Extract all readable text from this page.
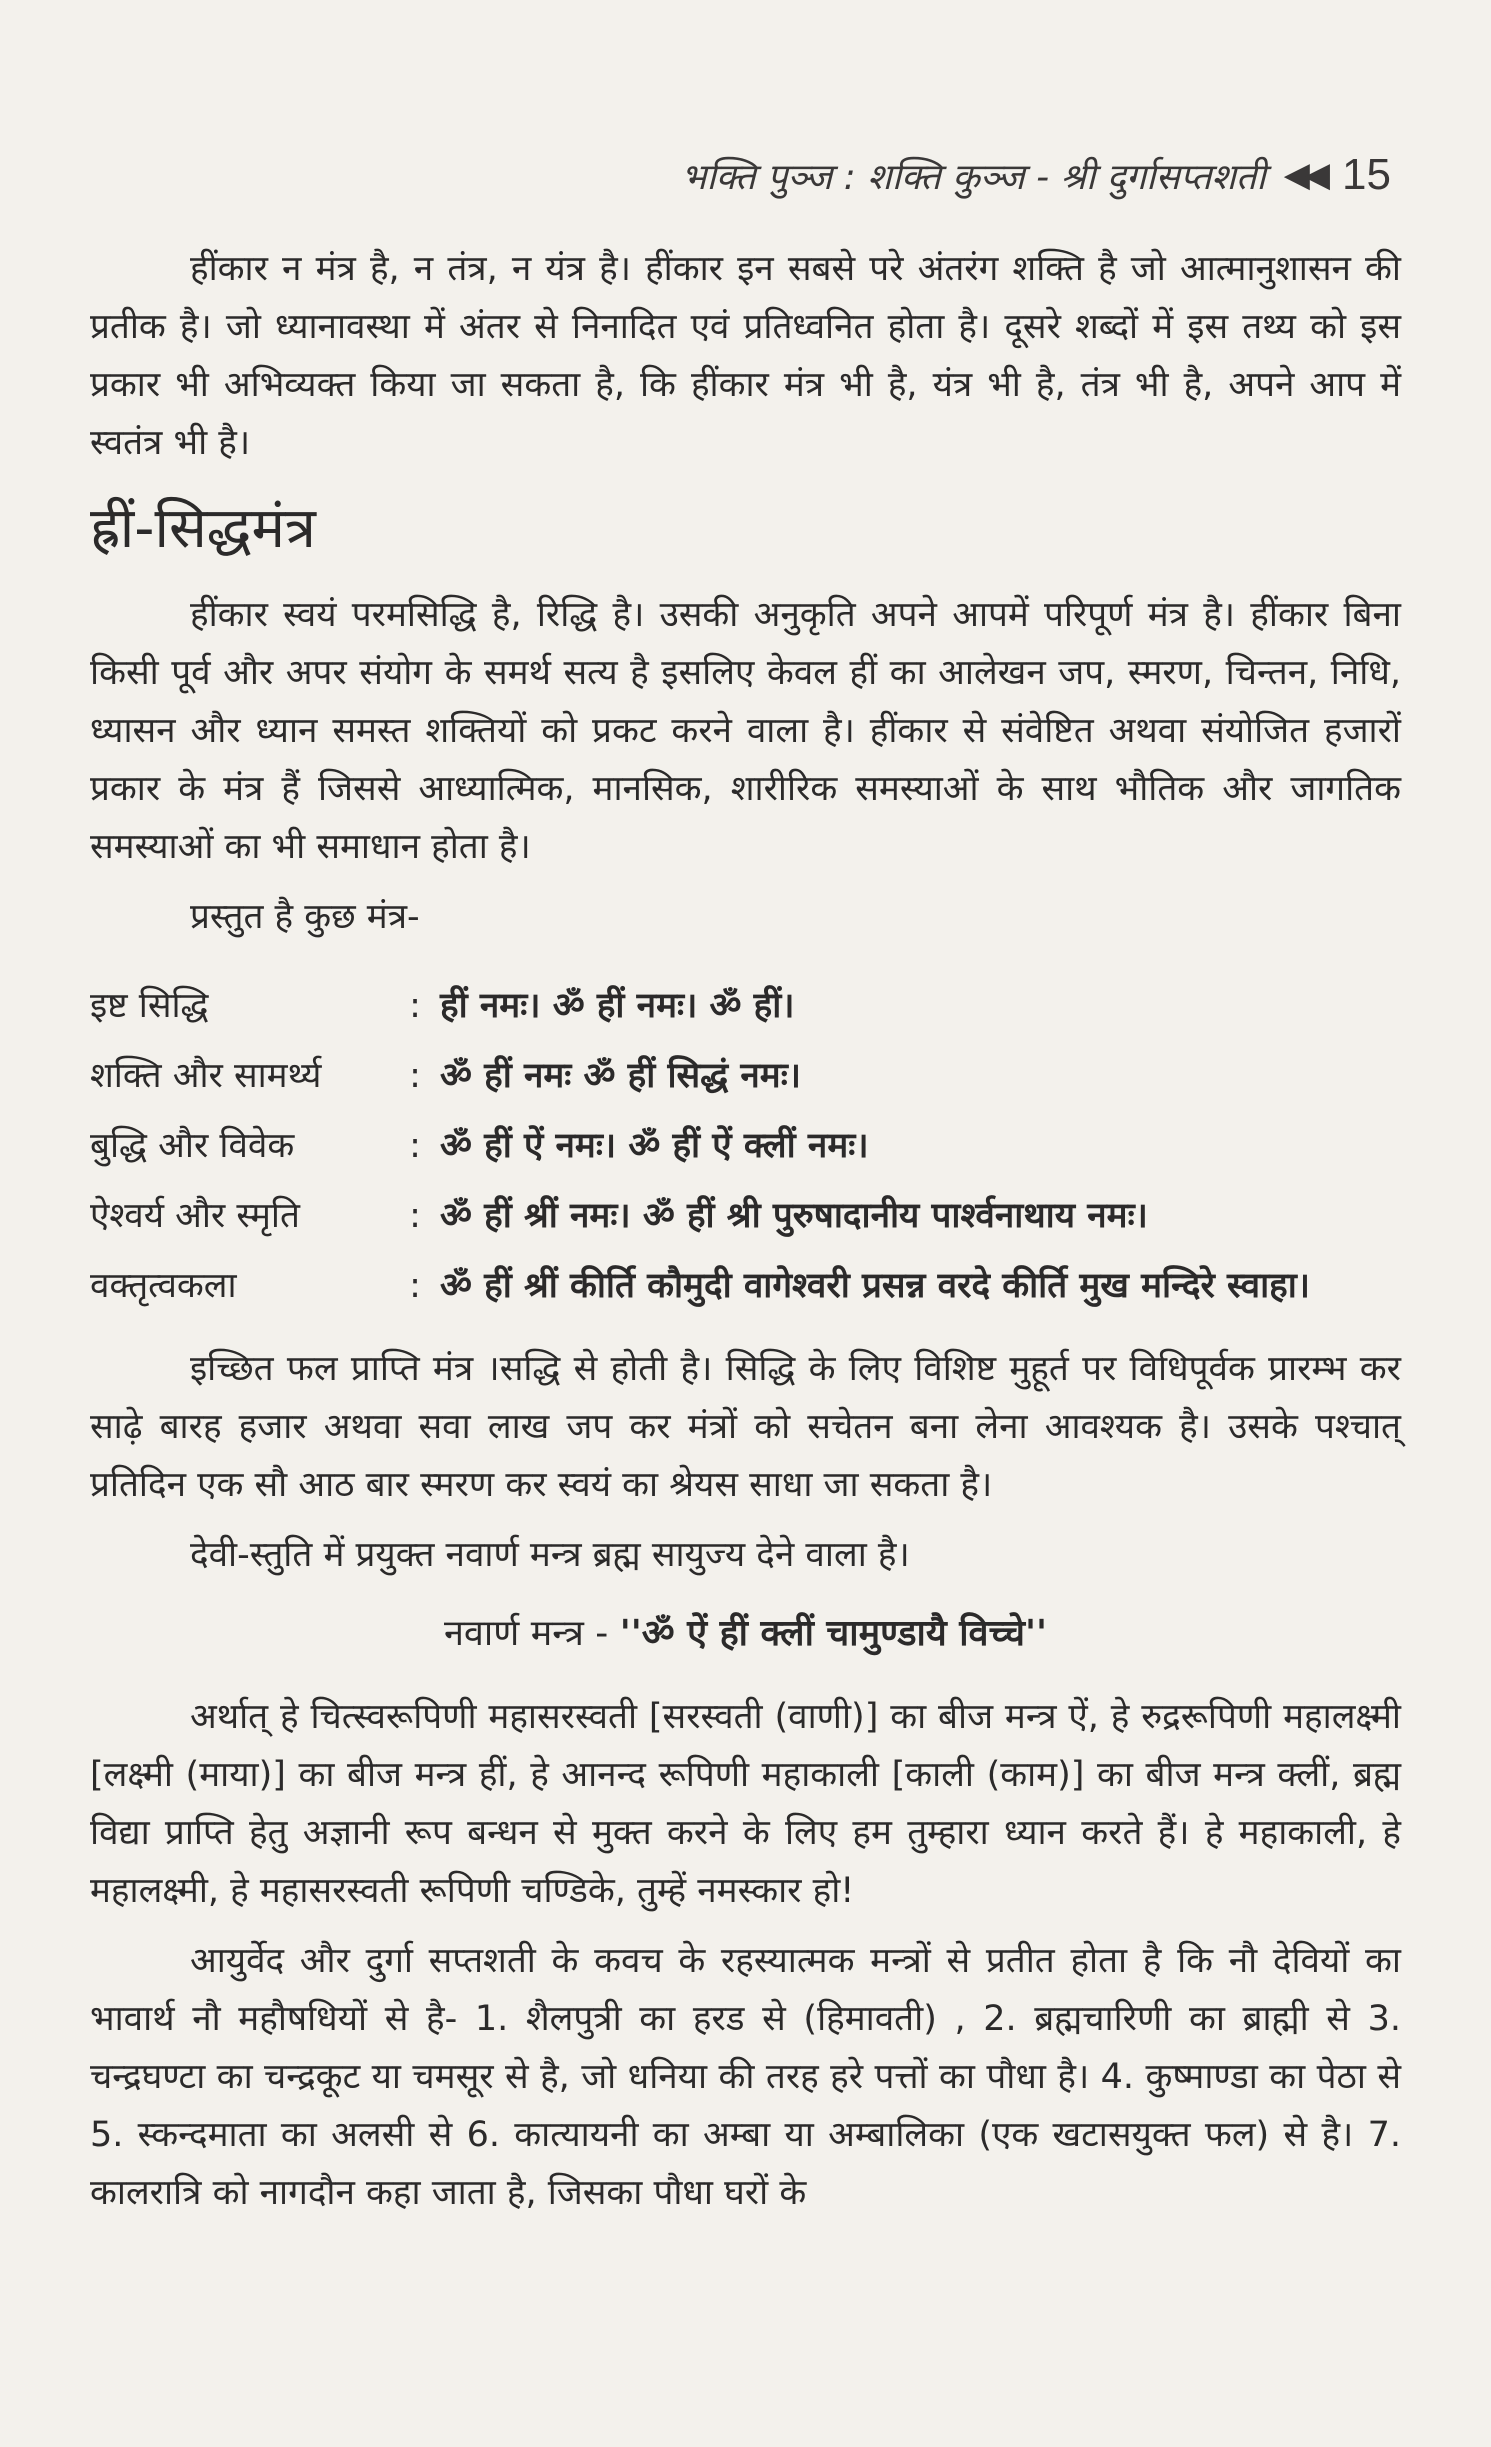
भक्ति पुञ्ज : शक्ति कुञ्ज - श्री दुर्गासप्तशती ◀◀ 15

हींकार न मंत्र है, न तंत्र, न यंत्र है। हींकार इन सबसे परे अंतरंग शक्ति है जो आत्मानुशासन की प्रतीक है। जो ध्यानावस्था में अंतर से निनादित एवं प्रतिध्वनित होता है। दूसरे शब्दों में इस तथ्य को इस प्रकार भी अभिव्यक्त किया जा सकता है, कि हींकार मंत्र भी है, यंत्र भी है, तंत्र भी है, अपने आप में स्वतंत्र भी है।

ह्रीं-सिद्धमंत्र

हींकार स्वयं परमसिद्धि है, रिद्धि है। उसकी अनुकृति अपने आपमें परिपूर्ण मंत्र है। हींकार बिना किसी पूर्व और अपर संयोग के समर्थ सत्य है इसलिए केवल हीं का आलेखन जप, स्मरण, चिन्तन, निधि, ध्यासन और ध्यान समस्त शक्तियों को प्रकट करने वाला है। हींकार से संवेष्टित अथवा संयोजित हजारों प्रकार के मंत्र हैं जिससे आध्यात्मिक, मानसिक, शारीरिक समस्याओं के साथ भौतिक और जागतिक समस्याओं का भी समाधान होता है।

प्रस्तुत है कुछ मंत्र-

इष्ट सिद्धि	: हीं नमः। ॐ हीं नमः। ॐ हीं।
शक्ति और सामर्थ्य	: ॐ हीं नमः ॐ हीं सिद्धं नमः।
बुद्धि और विवेक	: ॐ हीं ऐं नमः। ॐ हीं ऐं क्लीं नमः।
ऐश्वर्य और स्मृति	: ॐ हीं श्रीं नमः। ॐ हीं श्री पुरुषादानीय पार्श्वनाथाय नमः।
वक्तृत्वकला	: ॐ हीं श्रीं कीर्ति कौमुदी वागेश्वरी प्रसन्न वरदे कीर्ति मुख मन्दिरे स्वाहा।

इच्छित फल प्राप्ति मंत्र ।सद्धि से होती है। सिद्धि के लिए विशिष्ट मुहूर्त पर विधिपूर्वक प्रारम्भ कर साढ़े बारह हजार अथवा सवा लाख जप कर मंत्रों को सचेतन बना लेना आवश्यक है। उसके पश्चात् प्रतिदिन एक सौ आठ बार स्मरण कर स्वयं का श्रेयस साधा जा सकता है।

देवी-स्तुति में प्रयुक्त नवार्ण मन्त्र ब्रह्म सायुज्य देने वाला है।

नवार्ण मन्त्र - ''ॐ ऐं हीं क्लीं चामुण्डायै विच्चे''

अर्थात् हे चित्स्वरूपिणी महासरस्वती [सरस्वती (वाणी)] का बीज मन्त्र ऐं, हे रुद्ररूपिणी महालक्ष्मी [लक्ष्मी (माया)] का बीज मन्त्र हीं, हे आनन्द रूपिणी महाकाली [काली (काम)] का बीज मन्त्र क्लीं, ब्रह्म विद्या प्राप्ति हेतु अज्ञानी रूप बन्धन से मुक्त करने के लिए हम तुम्हारा ध्यान करते हैं। हे महाकाली, हे महालक्ष्मी, हे महासरस्वती रूपिणी चण्डिके, तुम्हें नमस्कार हो!

आयुर्वेद और दुर्गा सप्तशती के कवच के रहस्यात्मक मन्त्रों से प्रतीत होता है कि नौ देवियों का भावार्थ नौ महौषधियों से है- 1. शैलपुत्री का हरड से (हिमावती) , 2. ब्रह्मचारिणी का ब्राह्मी से 3. चन्द्रघण्टा का चन्द्रकूट या चमसूर से है, जो धनिया की तरह हरे पत्तों का पौधा है। 4. कुष्माण्डा का पेठा से 5. स्कन्दमाता का अलसी से 6. कात्यायनी का अम्बा या अम्बालिका (एक खटासयुक्त फल) से है। 7. कालरात्रि को नागदौन कहा जाता है, जिसका पौधा घरों के
